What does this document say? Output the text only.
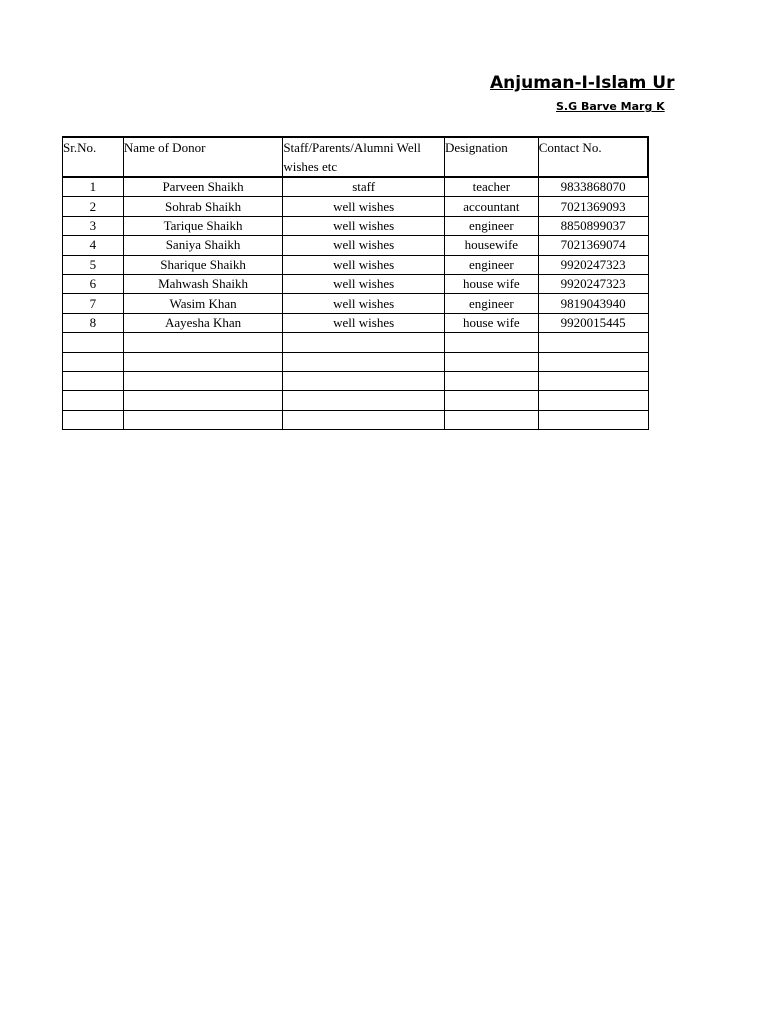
Anjuman-I-Islam Ur
S.G Barve Marg K
Sr.No.	Name of Donor	Staff/Parents/Alumni Well wishes etc	Designation	Contact No.
1	Parveen Shaikh	staff	teacher	9833868070
2	Sohrab Shaikh	well wishes	accountant	7021369093
3	Tarique Shaikh	well wishes	engineer	8850899037
4	Saniya Shaikh	well wishes	housewife	7021369074
5	Sharique Shaikh	well wishes	engineer	9920247323
6	Mahwash Shaikh	well wishes	house wife	9920247323
7	Wasim Khan	well wishes	engineer	9819043940
8	Aayesha Khan	well wishes	house wife	9920015445
